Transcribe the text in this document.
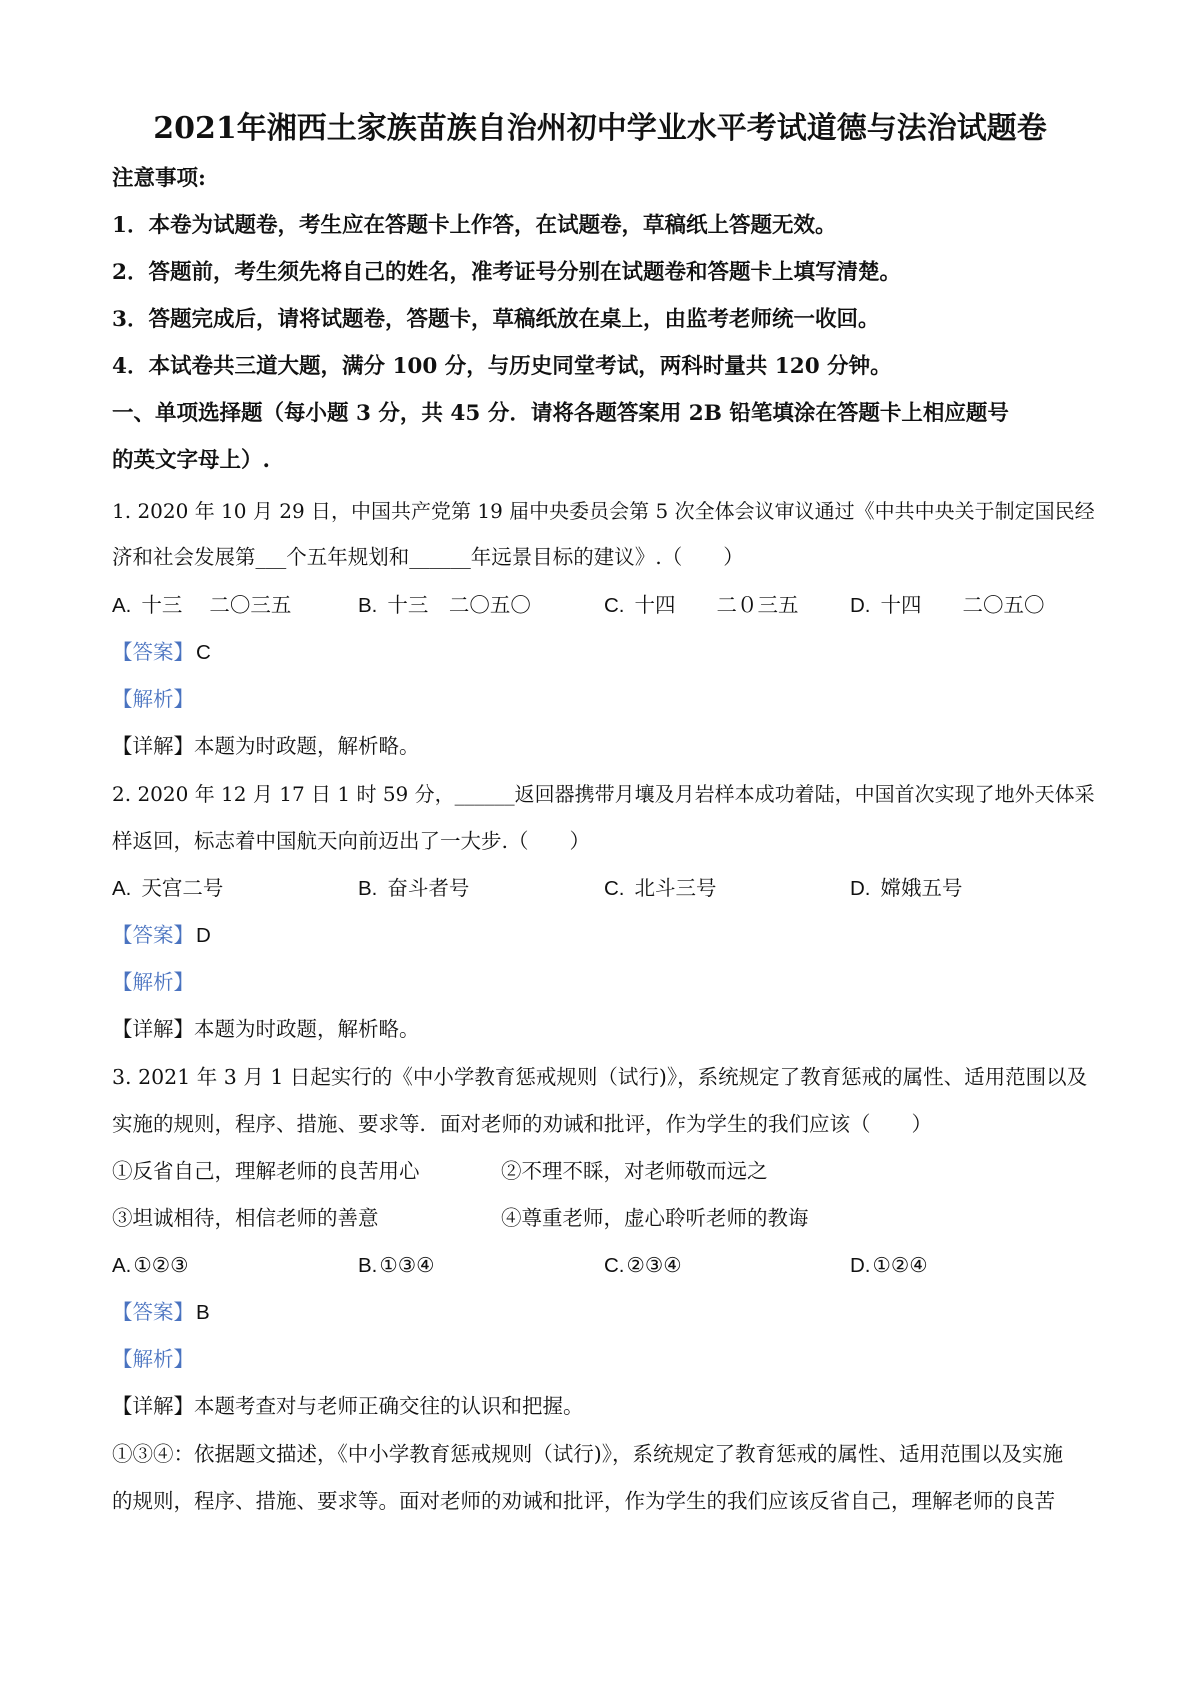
2021年湘西土家族苗族自治州初中学业水平考试道德与法治试题卷
注意事项:
1．本卷为试题卷，考生应在答题卡上作答，在试题卷，草稿纸上答题无效。
2．答题前，考生须先将自己的姓名，准考证号分别在试题卷和答题卡上填写清楚。
3．答题完成后，请将试题卷，答题卡，草稿纸放在桌上，由监考老师统一收回。
4．本试卷共三道大题，满分 100 分，与历史同堂考试，两科时量共 120 分钟。
一、单项选择题（每小题 3 分，共 45 分．请将各题答案用 2B 铅笔填涂在答题卡上相应题号
的英文字母上）.
1. 2020 年 10 月 29 日，中国共产党第 19 届中央委员会第 5 次全体会议审议通过《中共中央关于制定国民经
济和社会发展第___个五年规划和______年远景目标的建议》.（　　）
A. 十三　 二〇三五	B. 十三　二〇五〇	C. 十四　　二０三五	D. 十四　　二〇五〇
【答案】C
【解析】
【详解】本题为时政题，解析略。
2. 2020 年 12 月 17 日 1 时 59 分，______返回器携带月壤及月岩样本成功着陆，中国首次实现了地外天体采
样返回，标志着中国航天向前迈出了一大步.（　　）
A. 天宫二号	B. 奋斗者号	C. 北斗三号	D. 嫦娥五号
【答案】D
【解析】
【详解】本题为时政题，解析略。
3. 2021 年 3 月 1 日起实行的《中小学教育惩戒规则（试行)》，系统规定了教育惩戒的属性、适用范围以及
实施的规则，程序、措施、要求等．面对老师的劝诫和批评，作为学生的我们应该（　　）
①反省自己，理解老师的良苦用心	②不理不睬，对老师敬而远之
③坦诚相待，相信老师的善意	④尊重老师，虚心聆听老师的教诲
A.①②③	B.①③④	C.②③④	D.①②④
【答案】B
【解析】
【详解】本题考查对与老师正确交往的认识和把握。
①③④：依据题文描述，《中小学教育惩戒规则（试行)》，系统规定了教育惩戒的属性、适用范围以及实施
的规则，程序、措施、要求等。面对老师的劝诫和批评，作为学生的我们应该反省自己，理解老师的良苦
